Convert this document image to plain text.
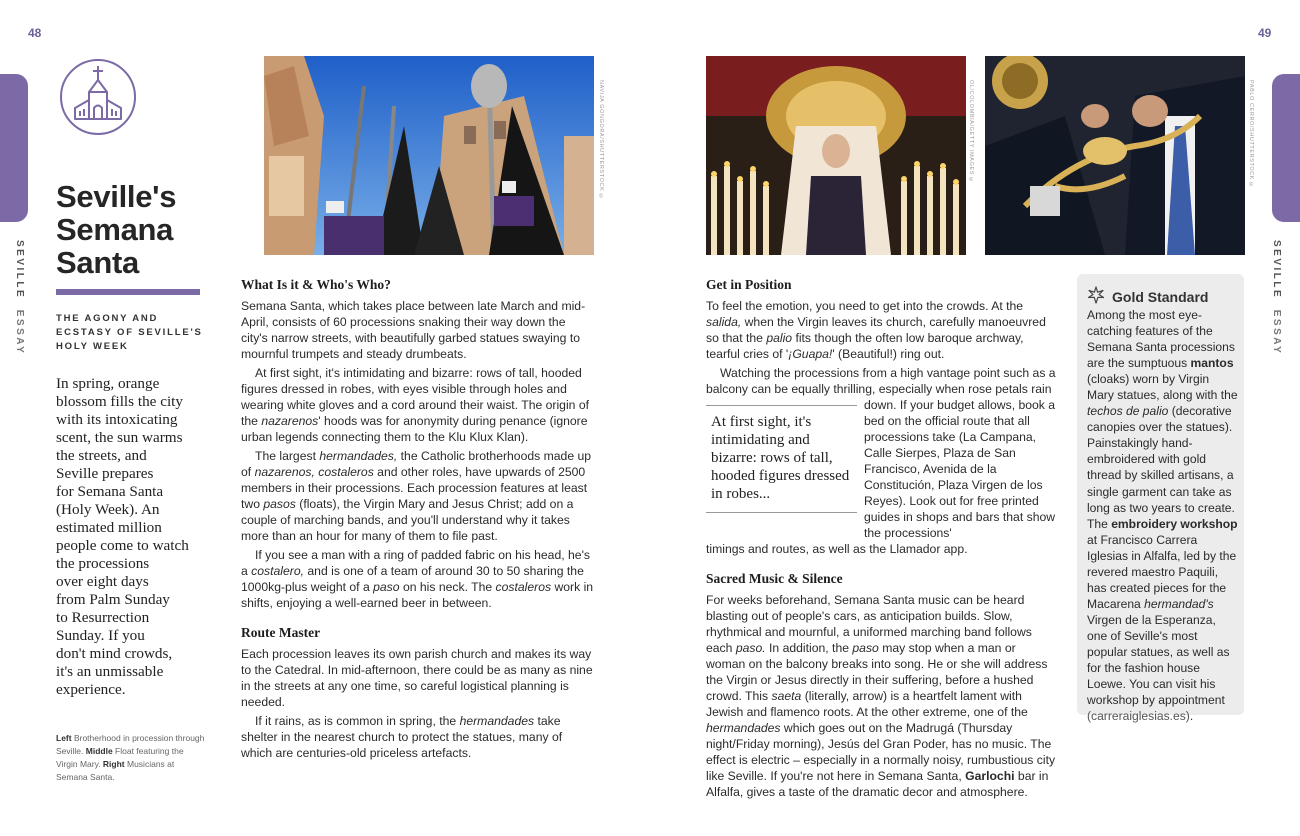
48	49
SEVILLE  ESSAY
SEVILLE  ESSAY
Seville's
Semana
Santa
THE AGONY AND
ECSTASY OF SEVILLE'S
HOLY WEEK
In spring, orange
blossom fills the city
with its intoxicating
scent, the sun warms
the streets, and
Seville prepares
for Semana Santa
(Holy Week). An
estimated million
people come to watch
the processions
over eight days
from Palm Sunday
to Resurrection
Sunday. If you
don't mind crowds,
it's an unmissable
experience.
Left Brotherhood in procession through Seville. Middle Float featuring the Virgin Mary. Right Musicians at Semana Santa.
NAVIJA GONGORA/SHUTTERSTOCK ©	OL/COLOMBIA/GETTY IMAGES ©	PABLO CERRO/SHUTTERSTOCK ©
What Is it & Who's Who?

Semana Santa, which takes place between late March and mid-April, consists of 60 processions snaking their way down the city's narrow streets, with beautifully garbed statues swaying to mournful trumpets and steady drumbeats.

At first sight, it's intimidating and bizarre: rows of tall, hooded figures dressed in robes, with eyes visible through holes and wearing white gloves and a cord around their waist. The origin of the nazarenos' hoods was for anonymity during penance (ignore urban legends connecting them to the Klu Klux Klan).

The largest hermandades, the Catholic brotherhoods made up of nazarenos, costaleros and other roles, have upwards of 2500 members in their processions. Each procession features at least two pasos (floats), the Virgin Mary and Jesus Christ; add on a couple of marching bands, and you'll understand why it takes more than an hour for many of them to file past.

If you see a man with a ring of padded fabric on his head, he's a costalero, and is one of a team of around 30 to 50 sharing the 1000kg-plus weight of a paso on his neck. The costaleros work in shifts, enjoying a well-earned beer in between.

Route Master

Each procession leaves its own parish church and makes its way to the Catedral. In mid-afternoon, there could be as many as nine in the streets at any one time, so careful logistical planning is needed.

If it rains, as is common in spring, the hermandades take shelter in the nearest church to protect the statues, many of which are centuries-old priceless artefacts.

Get in Position

To feel the emotion, you need to get into the crowds. At the salida, when the Virgin leaves its church, carefully manoeuvred so that the palio fits though the often low baroque archway, tearful cries of '¡Guapa!' (Beautiful!) ring out.

Watching the processions from a high vantage point such as a balcony can be equally thrilling, especially when rose petals rain

down. If your budget allows, book a bed on the official route that all processions take (La Campana, Calle Sierpes, Plaza de San Francisco, Avenida de la Constitución, Plaza Virgen de los Reyes). Look out for free printed guides in shops and bars that show the processions'

timings and routes, as well as the Llamador app.

Sacred Music & Silence

For weeks beforehand, Semana Santa music can be heard blasting out of people's cars, as anticipation builds. Slow, rhythmical and mournful, a uniformed marching band follows each paso. In addition, the paso may stop when a man or woman on the balcony breaks into song. He or she will address the Virgin or Jesus directly in their suffering, before a hushed crowd. This saeta (literally, arrow) is a heartfelt lament with Jewish and flamenco roots. At the other extreme, one of the hermandades which goes out on the Madrugá (Thursday night/Friday morning), Jesús del Gran Poder, has no music. The effect is electric – especially in a normally noisy, rumbustious city like Seville. If you're not here in Semana Santa, Garlochi bar in Alfalfa, gives a taste of the dramatic decor and atmosphere.

At first sight, it's intimidating and bizarre: rows of tall, hooded figures dressed in robes...
Gold Standard
Among the most eye-catching features of the Semana Santa processions are the sumptuous mantos (cloaks) worn by Virgin Mary statues, along with the techos de palio (decorative canopies over the statues). Painstakingly hand-embroidered with gold thread by skilled artisans, a single garment can take as long as two years to create. The embroidery workshop at Francisco Carrera Iglesias in Alfalfa, led by the revered maestro Paquili, has created pieces for the Macarena hermandad's Virgen de la Esperanza, one of Seville's most popular statues, as well as for the fashion house Loewe. You can visit his workshop by appointment (carreraiglesias.es).
